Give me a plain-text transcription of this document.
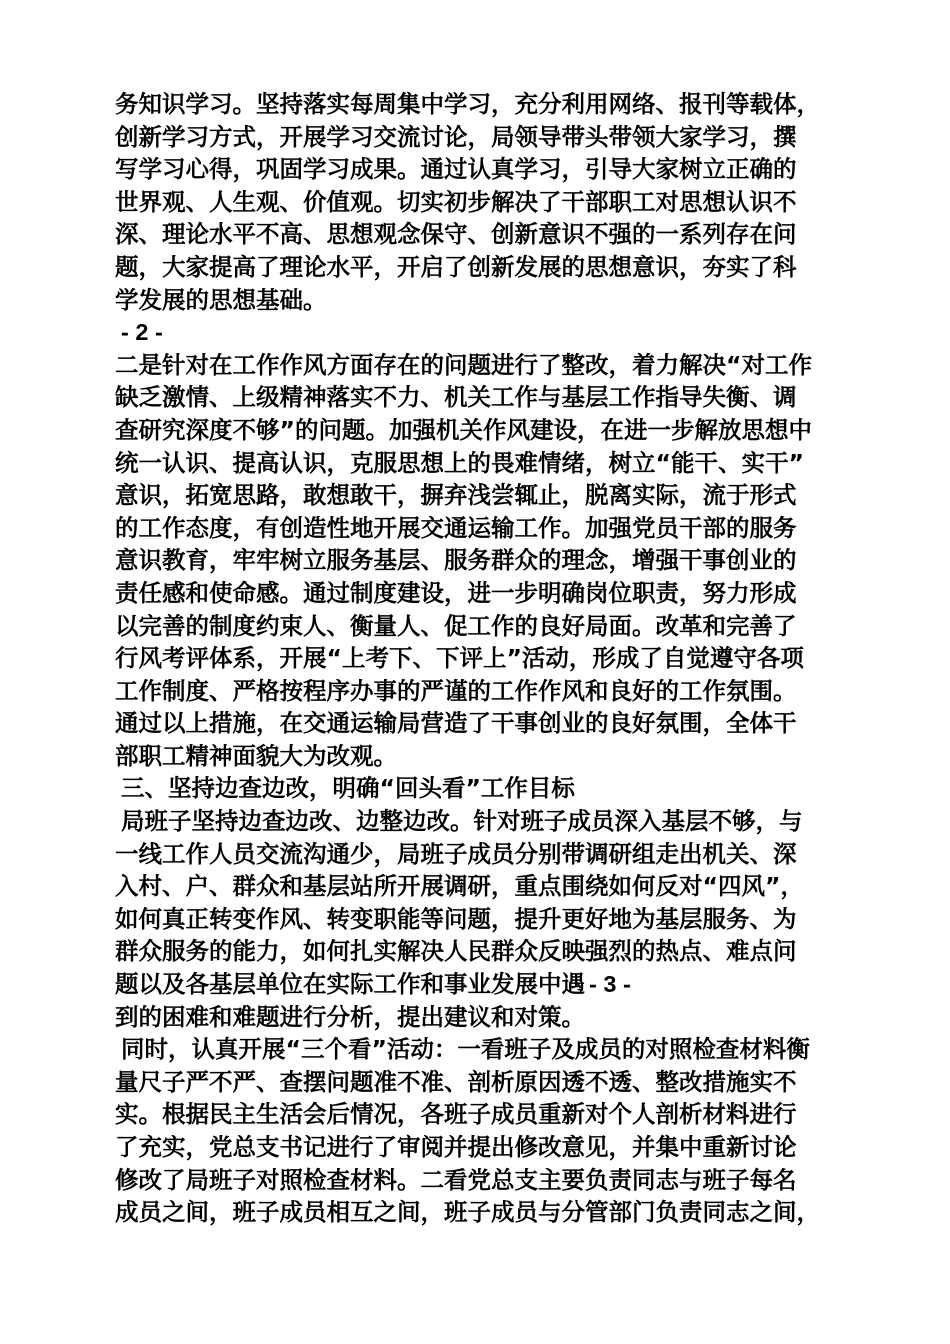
务知识学习。坚持落实每周集中学习，充分利用网络、报刊等载体，
创新学习方式，开展学习交流讨论，局领导带头带领大家学习，撰
写学习心得，巩固学习成果。通过认真学习，引导大家树立正确的
世界观、人生观、价值观。切实初步解决了干部职工对思想认识不
深、理论水平不高、思想观念保守、创新意识不强的一系列存在问
题，大家提高了理论水平，开启了创新发展的思想意识，夯实了科
学发展的思想基础。
- 2 -
二是针对在工作作风方面存在的问题进行了整改，着力解决“对工作
缺乏激情、上级精神落实不力、机关工作与基层工作指导失衡、调
查研究深度不够”的问题。加强机关作风建设，在进一步解放思想中
统一认识、提高认识，克服思想上的畏难情绪，树立“能干、实干”
意识，拓宽思路，敢想敢干，摒弃浅尝辄止，脱离实际，流于形式
的工作态度，有创造性地开展交通运输工作。加强党员干部的服务
意识教育，牢牢树立服务基层、服务群众的理念，增强干事创业的
责任感和使命感。通过制度建设，进一步明确岗位职责，努力形成
以完善的制度约束人、衡量人、促工作的良好局面。改革和完善了
行风考评体系，开展“上考下、下评上”活动，形成了自觉遵守各项
工作制度、严格按程序办事的严谨的工作作风和良好的工作氛围。
通过以上措施，在交通运输局营造了干事创业的良好氛围，全体干
部职工精神面貌大为改观。
三、坚持边查边改，明确“回头看”工作目标
局班子坚持边查边改、边整边改。针对班子成员深入基层不够，与
一线工作人员交流沟通少，局班子成员分别带调研组走出机关、深
入村、户、群众和基层站所开展调研，重点围绕如何反对“四风”，
如何真正转变作风、转变职能等问题，提升更好地为基层服务、为
群众服务的能力，如何扎实解决人民群众反映强烈的热点、难点问
题以及各基层单位在实际工作和事业发展中遇 - 3 -
到的困难和难题进行分析，提出建议和对策。
同时，认真开展“三个看”活动：一看班子及成员的对照检查材料衡
量尺子严不严、查摆问题准不准、剖析原因透不透、整改措施实不
实。根据民主生活会后情况，各班子成员重新对个人剖析材料进行
了充实，党总支书记进行了审阅并提出修改意见，并集中重新讨论
修改了局班子对照检查材料。二看党总支主要负责同志与班子每名
成员之间，班子成员相互之间，班子成员与分管部门负责同志之间，
